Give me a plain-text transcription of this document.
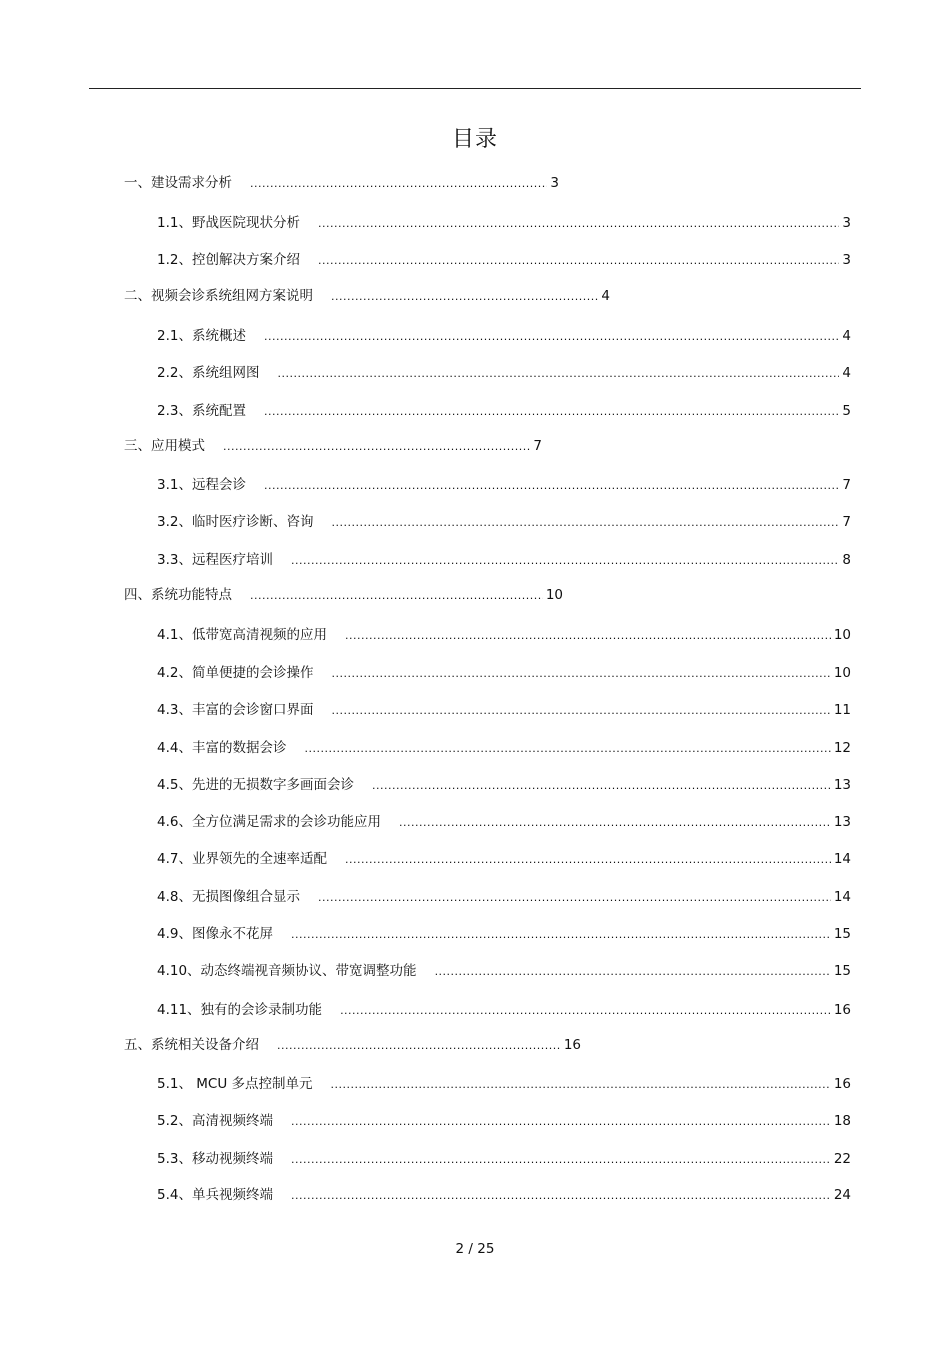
目录
一、建设需求分析 .....	3
1.1、野战医院现状分析 .....	3
1.2、控创解决方案介绍 .....	3
二、视频会诊系统组网方案说明 .....	4
2.1、系统概述 .....	4
2.2、系统组网图 .....	4
2.3、系统配置 .....	5
三、应用模式 .....	7
3.1、远程会诊 .....	7
3.2、临时医疗诊断、咨询 .....	7
3.3、远程医疗培训 .....	8
四、系统功能特点 .....	10
4.1、低带宽高清视频的应用 .....	10
4.2、简单便捷的会诊操作 .....	10
4.3、丰富的会诊窗口界面 .....	11
4.4、丰富的数据会诊 .....	12
4.5、先进的无损数字多画面会诊 .....	13
4.6、全方位满足需求的会诊功能应用 .....	13
4.7、业界领先的全速率适配 .....	14
4.8、无损图像组合显示 .....	14
4.9、图像永不花屏 .....	15
4.10、动态终端视音频协议、带宽调整功能 .....	15
4.11、独有的会诊录制功能 .....	16
五、系统相关设备介绍 .....	16
5.1、 MCU 多点控制单元 .....	16
5.2、高清视频终端 .....	18
5.3、移动视频终端 .....	22
5.4、单兵视频终端 .....	24
2 / 25
